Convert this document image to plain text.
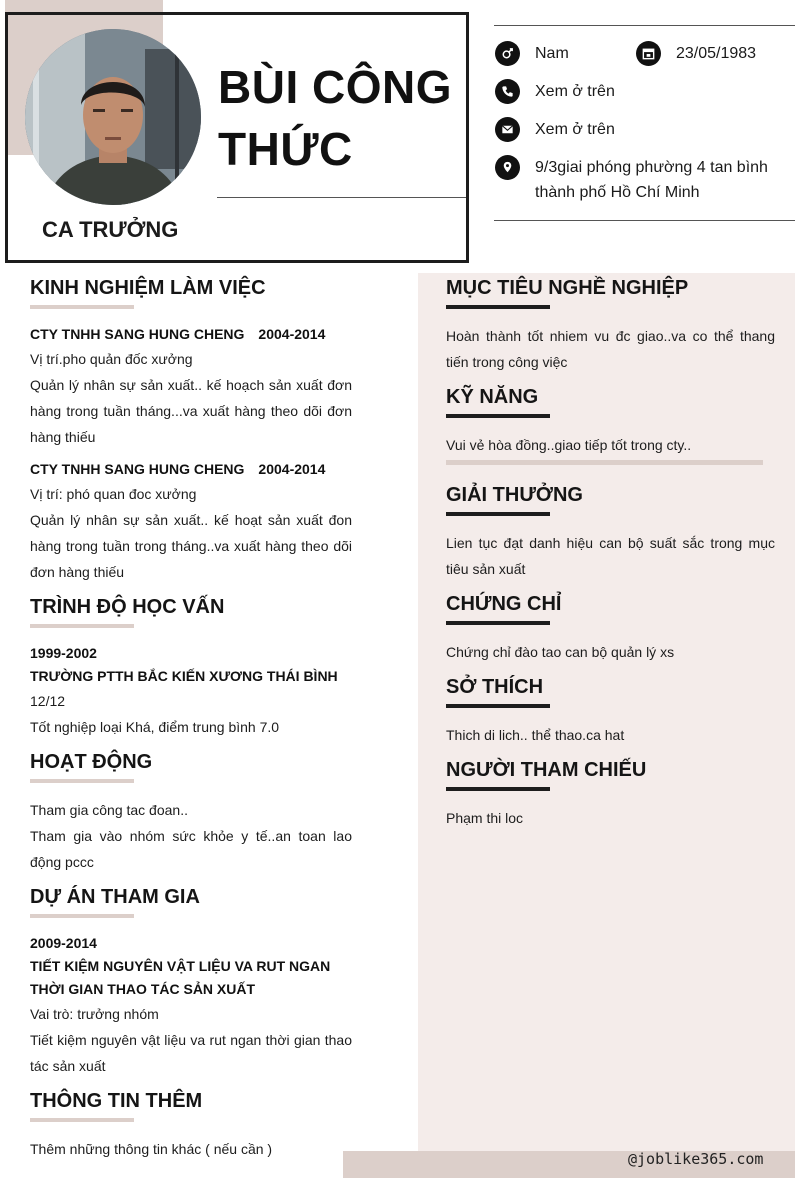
BÙI CÔNG
THỨC
CA TRƯỞNG
Nam	23/05/1983
Xem ở trên
Xem ở trên
9/3giai phóng phường 4 tan bình
thành phố Hồ Chí Minh
@joblike365.com
KINH NGHIỆM LÀM VIỆC
CTY TNHH SANG HUNG CHENG 2004-2014
Vị trí.pho quản đốc xưởng
Quản lý nhân sự sản xuất.. kế hoạch sản xuất đơn hàng trong tuần tháng...va xuất hàng theo dõi đơn hàng thiếu
CTY TNHH SANG HUNG CHENG 2004-2014
Vị trí: phó quan đoc xưởng
Quản lý nhân sự sản xuất.. kế hoạt sản xuất đon hàng trong tuần trong tháng..va xuất hàng theo dõi đơn hàng thiếu
TRÌNH ĐỘ HỌC VẤN
1999-2002
TRƯỜNG PTTH BẮC KIẾN XƯƠNG THÁI BÌNH
12/12
Tốt nghiệp loại Khá, điểm trung bình 7.0
HOẠT ĐỘNG
Tham gia công tac đoan..
Tham gia vào nhóm sức khỏe y tế..an toan lao động pccc
DỰ ÁN THAM GIA
2009-2014
TIẾT KIỆM NGUYÊN VẬT LIỆU VA RUT NGAN THỜI GIAN THAO TÁC SẢN XUẤT
Vai trò: trưởng nhóm
Tiết kiệm nguyên vật liệu va rut ngan thời gian thao tác sản xuất
THÔNG TIN THÊM
Thêm những thông tin khác ( nếu cần )
MỤC TIÊU NGHỀ NGHIỆP
Hoàn thành tốt nhiem vu đc giao..va co thể thang tiến trong công việc
KỸ NĂNG
Vui vẻ hòa đồng..giao tiếp tốt trong cty..
GIẢI THƯỞNG
Lien tục đạt danh hiệu can bộ suất sắc trong mục tiêu sản xuất
CHỨNG CHỈ
Chứng chỉ đào tao can bộ quản lý xs
SỞ THÍCH
Thich di lich.. thể thao.ca hat
NGƯỜI THAM CHIẾU
Phạm thi loc
